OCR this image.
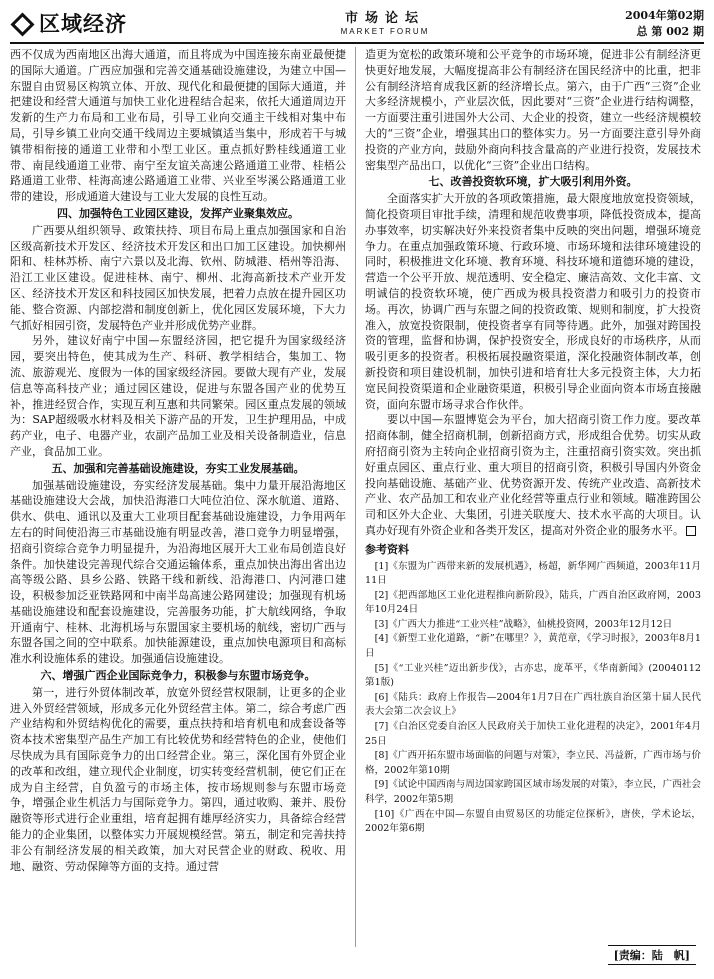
区域经济	市场论坛
MARKET FORUM
2004年第02期
总 第 002 期

西不仅成为西南地区出海大通道，而且将成为中国连接东南亚最便捷的国际大通道。广西应加强和完善交通基础设施建设，为建立中国—东盟自由贸易区构筑立体、开放、现代化和最便捷的国际大通道，并把建设和经营大通道与加快工业化进程结合起来，依托大通道周边开发新的生产力布局和工业布局，引导工业向交通主干线相对集中布局，引导乡镇工业向交通干线周边主要城镇适当集中，形成若干与城镇带相衔接的通道工业带和小型工业区。重点抓好黔桂线通道工业带、南昆线通道工业带、南宁至友谊关高速公路通道工业带、桂梧公路通道工业带、桂海高速公路通道工业带、兴业至岑溪公路通道工业带的建设，形成通道大建设与工业大发展的良性互动。

四、加强特色工业园区建设，发挥产业聚集效应。

广西要从组织领导、政策扶持、项目布局上重点加强国家和自治区级高新技术开发区、经济技术开发区和出口加工区建设。加快柳州阳和、桂林苏桥、南宁六景以及北海、钦州、防城港、梧州等沿海、沿江工业区建设。促进桂林、南宁、柳州、北海高新技术产业开发区、经济技术开发区和科技园区加快发展，把着力点放在提升园区功能、整合资源、内部挖潜和制度创新上，优化园区发展环境，下大力气抓好相园引资，发展特色产业并形成优势产业群。

另外，建议好南宁中国—东盟经济园，把它提升为国家级经济园，要突出特色，使其成为生产、科研、教学相结合，集加工、物流、旅游观光、度假为一体的国家级经济园。要做大现有产业，发展信息等高科技产业；通过园区建设，促进与东盟各国产业的优势互补，推进经贸合作，实现互利互惠和共同繁荣。园区重点发展的领域为：SAP超级吸水材料及相关下游产品的开发，卫生护理用品，中成药产业，电子、电器产业，农副产品加工业及相关设备制造业，信息产业，食品加工业。

五、加强和完善基础设施建设，夯实工业发展基础。

加强基础设施建设，夯实经济发展基础。集中力量开展沿海地区基础设施建设大会战，加快沿海港口大吨位泊位、深水航道、道路、供水、供电、通讯以及重大工业项目配套基础设施建设，力争用两年左右的时间使沿海三市基础设施有明显改善，港口竞争力明显增强，招商引资综合竞争力明显提升，为沿海地区展开大工业布局创造良好条件。加快建设完善现代综合交通运输体系，重点加快出海出省出边高等级公路、县乡公路、铁路干线和新线、沿海港口、内河港口建设，积极参加泛亚铁路网和中南半岛高速公路网建设；加强现有机场基础设施建设和配套设施建设，完善服务功能，扩大航线网络，争取开通南宁、桂林、北海机场与东盟国家主要机场的航线，密切广西与东盟各国之间的空中联系。加快能源建设，重点加快电源项目和高标准水利设施体系的建设。加强通信设施建设。

六、增强广西企业国际竞争力，积极参与东盟市场竞争。

第一，进行外贸体制改革，放宽外贸经营权限制，让更多的企业进入外贸经营领域，形成多元化外贸经营主体。第二，综合考虑广西产业结构和外贸结构优化的需要，重点扶持和培育机电和成套设备等资本技术密集型产品生产加工有比较优势和经营特色的企业，使他们尽快成为具有国际竞争力的出口经营企业。第三，深化国有外贸企业的改革和改组，建立现代企业制度，切实转变经营机制，使它们正在成为自主经营，自负盈亏的市场主体，按市场规则参与东盟市场竞争，增强企业生机活力与国际竞争力。第四，通过收购、兼并、股份融资等形式进行企业重组，培育起拥有雄厚经济实力，具备综合经营能力的企业集团，以整体实力开展规模经营。第五，制定和完善扶持非公有制经济发展的相关政策，加大对民营企业的财政、税收、用地、融资、劳动保障等方面的支持。通过营

造更为宽松的政策环境和公平竞争的市场环境，促进非公有制经济更快更好地发展，大幅度提高非公有制经济在国民经济中的比重，把非公有制经济培育成我区新的经济增长点。第六，由于广西“三资”企业大多经济规模小，产业层次低，因此要对“三资”企业进行结构调整，一方面要注重引进国外大公司、大企业的投资，建立一些经济规模较大的“三资”企业，增强其出口的整体实力。另一方面要注意引导外商投资的产业方向，鼓励外商向科技含量高的产业进行投资，发展技术密集型产品出口，以优化“三资”企业出口结构。

七、改善投资软环境，扩大吸引利用外资。

全面落实扩大开放的各项政策措施，最大限度地放宽投资领域，简化投资项目审批手续，清理和规范收费事项，降低投资成本，提高办事效率，切实解决好外来投资者集中反映的突出问题，增强环境竞争力。在重点加强政策环境、行政环境、市场环境和法律环境建设的同时，积极推进文化环境、教育环境、科技环境和道德环境的建设，营造一个公平开放、规范透明、安全稳定、廉洁高效、文化丰富、文明诚信的投资软环境，使广西成为极具投资潜力和吸引力的投资市场。再次，协调广西与东盟之间的投资政策、规则和制度，扩大投资准入，放宽投资限制，使投资者享有同等待遇。此外，加强对跨国投资的管理，监督和协调，保护投资安全，形成良好的市场秩序，从而吸引更多的投资者。积极拓展投融资渠道，深化投融资体制改革，创新投资和项目建设机制，加快引进和培育壮大多元投资主体，大力拓宽民间投资渠道和企业融资渠道，积极引导企业面向资本市场直接融资，面向东盟市场寻求合作伙伴。

要以中国—东盟博览会为平台，加大招商引资工作力度。要改革招商体制，健全招商机制，创新招商方式，形成组合优势。切实从政府招商引资为主转向企业招商引资为主，注重招商引资实效。突出抓好重点园区、重点行业、重大项目的招商引资，积极引导国内外资金投向基础设施、基础产业、优势资源开发、传统产业改造、高新技术产业、农产品加工和农业产业化经营等重点行业和领域。瞄准跨国公司和区外大企业、大集团，引进关联度大、技术水平高的大项目。认真办好现有外资企业和各类开发区，提高对外资企业的服务水平。

参考资料
[1]《东盟为广西带来新的发展机遇》，杨超，新华网广西频道，2003年11月11日
[2]《把西部地区工业化进程推向新阶段》，陆兵，广西自治区政府网，2003年10月24日
[3]《广西大力推进“工业兴桂”战略》，仙桃投资网，2003年12月12日
[4]《新型工业化道路，“新”在哪里？》，黄范章，《学习时报》，2003年8月1日
[5]《“工业兴桂”迈出新步伐》，古亦忠，庞革平，《华南新闻》(20040112 第1版)
[6]《陆兵：政府上作报告—2004年1月7日在广西壮族自治区第十届人民代表大会第二次会议上》
[7]《白治区党委自治区人民政府关于加快工业化进程的决定》，2001年4月25日
[8]《广西开拓东盟市场面临的问题与对策》，李立民、冯益新，广西市场与价格，2002年第10期
[9]《试论中国西南与周边国家跨国区域市场发展的对策》，李立民，广西社会科学，2002年第5期
[10]《广西在中国—东盟自由贸易区的功能定位探析》，唐侠，学术论坛，2002年第6期
[责编：陆　帆]
